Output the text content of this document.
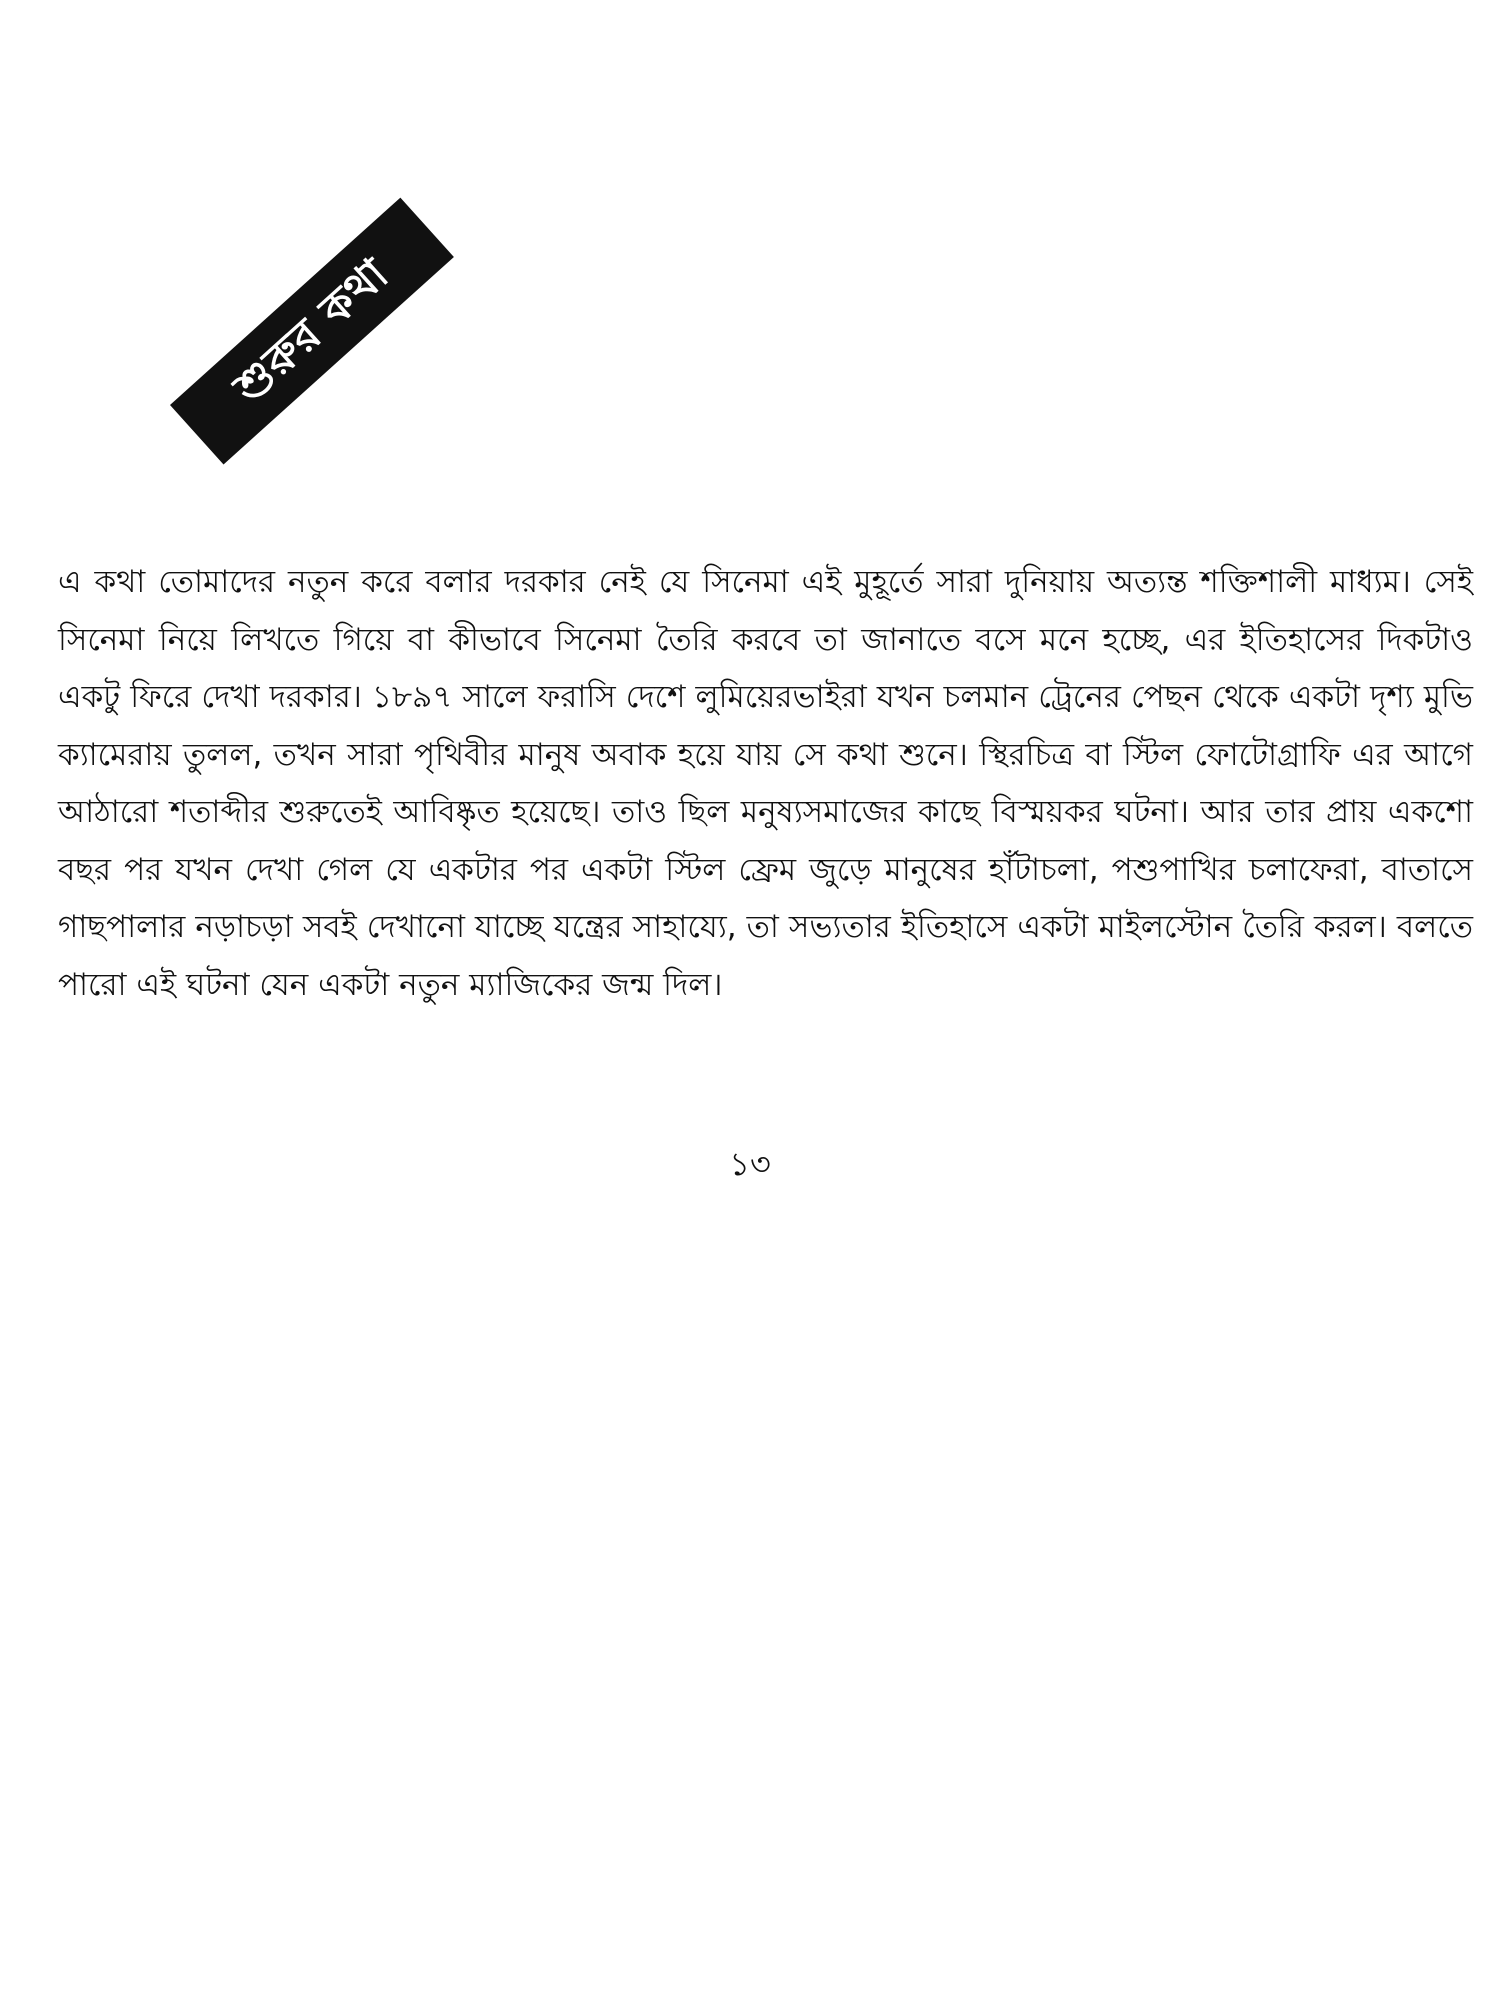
শুরুর কথা

এ কথা তোমাদের নতুন করে বলার দরকার নেই যে সিনেমা এই মুহূর্তে সারা দুনিয়ায় অত্যন্ত শক্তিশালী মাধ্যম। সেই সিনেমা নিয়ে লিখতে গিয়ে বা কীভাবে সিনেমা তৈরি করবে তা জানাতে বসে মনে হচ্ছে, এর ইতিহাসের দিকটাও একটু ফিরে দেখা দরকার। ১৮৯৭ সালে ফরাসি দেশে লুমিয়েরভাইরা যখন চলমান ট্রেনের পেছন থেকে একটা দৃশ্য মুভি ক্যামেরায় তুলল, তখন সারা পৃথিবীর মানুষ অবাক হয়ে যায় সে কথা শুনে। স্থিরচিত্র বা স্টিল ফোটোগ্রাফি এর আগে আঠারো শতাব্দীর শুরুতেই আবিষ্কৃত হয়েছে। তাও ছিল মনুষ্যসমাজের কাছে বিস্ময়কর ঘটনা। আর তার প্রায় একশো বছর পর যখন দেখা গেল যে একটার পর একটা স্টিল ফ্রেম জুড়ে মানুষের হাঁটাচলা, পশুপাখির চলাফেরা, বাতাসে গাছপালার নড়াচড়া সবই দেখানো যাচ্ছে যন্ত্রের সাহায্যে, তা সভ্যতার ইতিহাসে একটা মাইলস্টোন তৈরি করল। বলতে পারো এই ঘটনা যেন একটা নতুন ম্যাজিকের জন্ম দিল।

১৩
